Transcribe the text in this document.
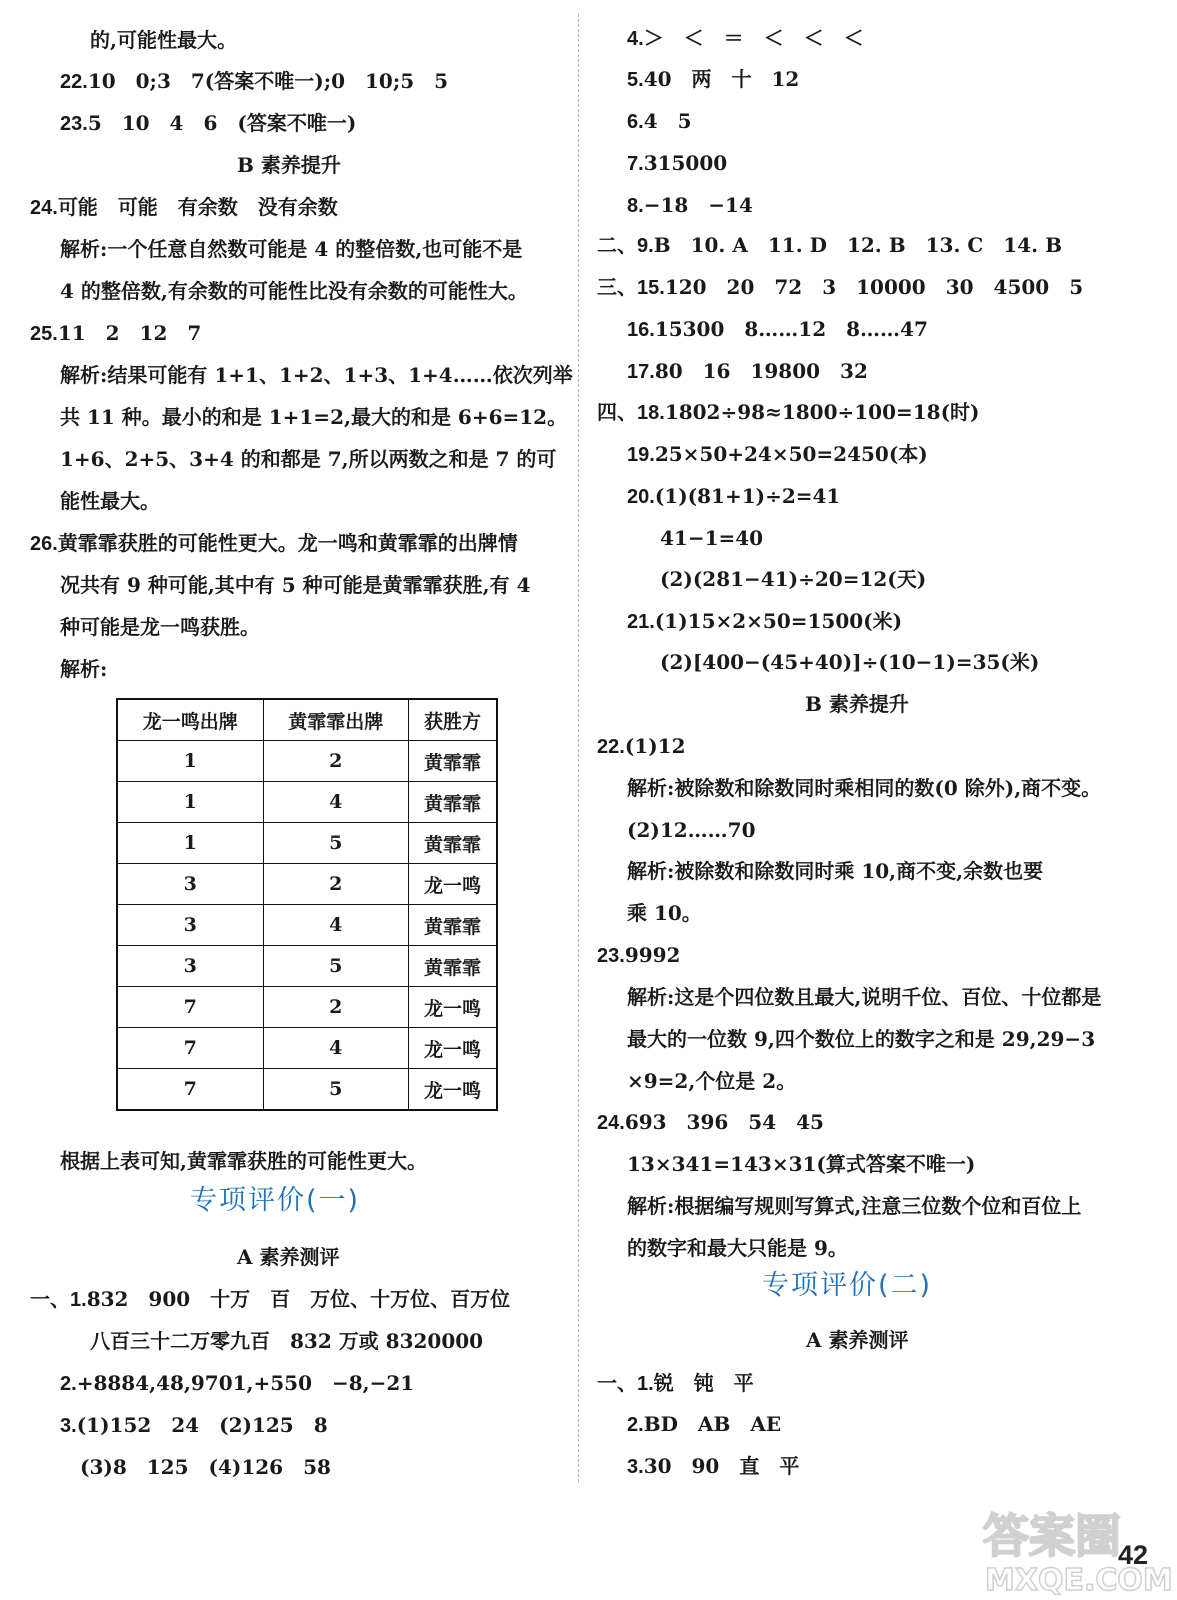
的,可能性最大。
22.10　0;3　7(答案不唯一);0　10;5　5
23.5　10　4　6　(答案不唯一)
24.可能　可能　有余数　没有余数
解析:一个任意自然数可能是 4 的整倍数,也可能不是
4 的整倍数,有余数的可能性比没有余数的可能性大。
25.11　2　12　7
解析:结果可能有 1+1、1+2、1+3、1+4……依次列举
共 11 种。最小的和是 1+1=2,最大的和是 6+6=12。
1+6、2+5、3+4 的和都是 7,所以两数之和是 7 的可
能性最大。
26.黄霏霏获胜的可能性更大。龙一鸣和黄霏霏的出牌情
况共有 9 种可能,其中有 5 种可能是黄霏霏获胜,有 4
种可能是龙一鸣获胜。
解析:
根据上表可知,黄霏霏获胜的可能性更大。
一、1.832　900　十万　百　万位、十万位、百万位
八百三十二万零九百　832 万或 8320000
2.+8884,48,9701,+550　−8,−21
3.(1)152　24　(2)125　8
(3)8　125　(4)126　58
B 素养提升
专项评价(一)
A 素养测评
龙一鸣出牌	黄霏霏出牌	获胜方
1	2	黄霏霏
1	4	黄霏霏
1	5	黄霏霏
3	2	龙一鸣
3	4	黄霏霏
3	5	黄霏霏
7	2	龙一鸣
7	4	龙一鸣
7	5	龙一鸣
4.＞　＜　＝　＜　＜　＜
5.40　两　十　12
6.4　5
7.315000
8.−18　−14
二、9.B　10. A　11. D　12. B　13. C　14. B
三、15.120　20　72　3　10000　30　4500　5
16.15300　8……12　8……47
17.80　16　19800　32
四、18.1802÷98≈1800÷100=18(时)
19.25×50+24×50=2450(本)
20.(1)(81+1)÷2=41
41−1=40
(2)(281−41)÷20=12(天)
21.(1)15×2×50=1500(米)
(2)[400−(45+40)]÷(10−1)=35(米)
22.(1)12
解析:被除数和除数同时乘相同的数(0 除外),商不变。
(2)12……70
解析:被除数和除数同时乘 10,商不变,余数也要
乘 10。
23.9992
解析:这是个四位数且最大,说明千位、百位、十位都是
最大的一位数 9,四个数位上的数字之和是 29,29−3
×9=2,个位是 2。
24.693　396　54　45
13×341=143×31(算式答案不唯一)
解析:根据编写规则写算式,注意三位数个位和百位上
的数字和最大只能是 9。
一、1.锐　钝　平
2.BD　AB　AE
3.30　90　直　平
B 素养提升
专项评价(二)
A 素养测评
答案圈
MXQE.COM
42
